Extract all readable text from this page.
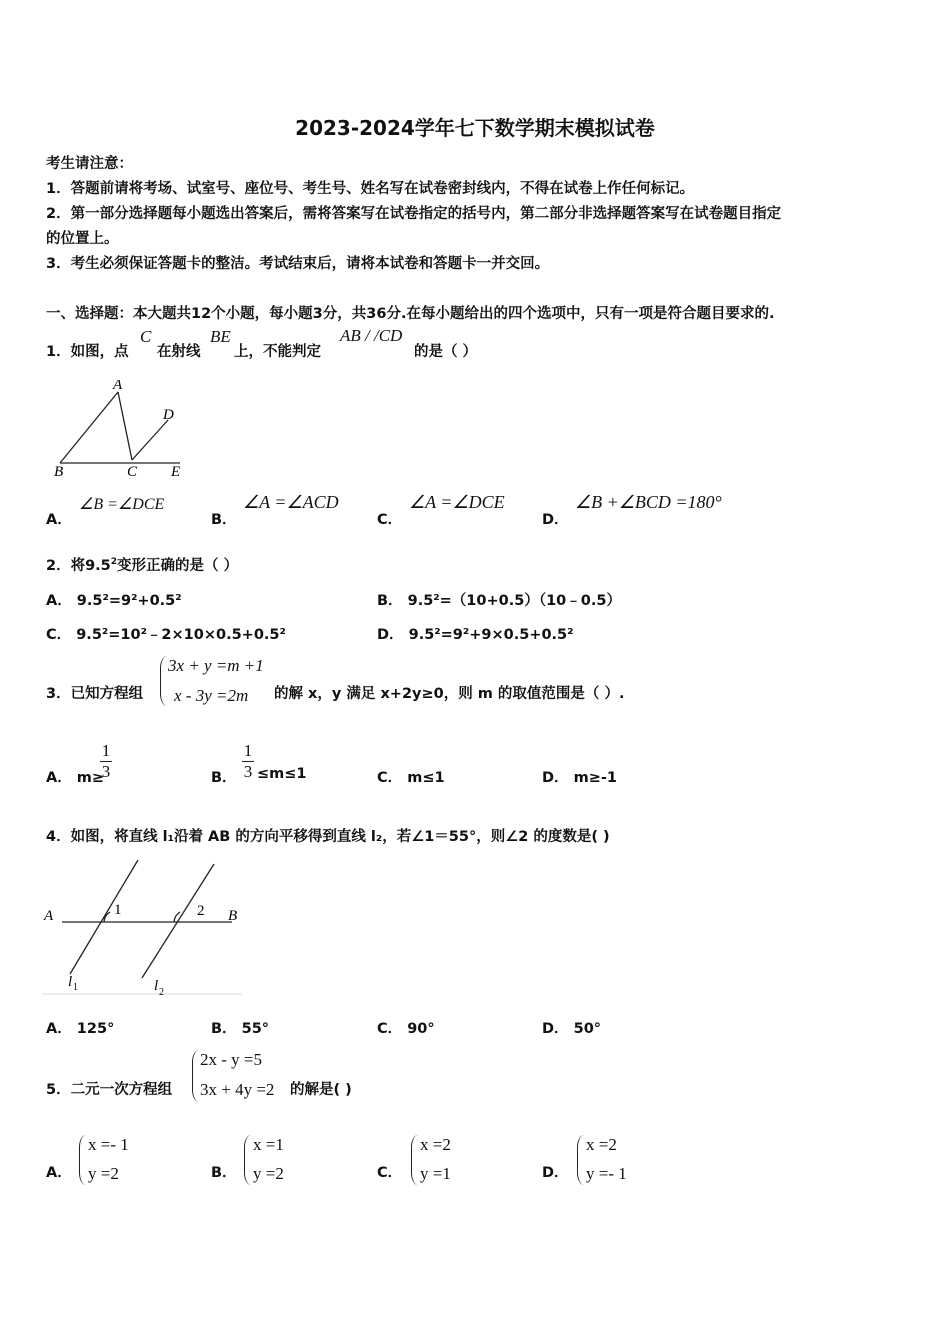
2023-2024学年七下数学期末模拟试卷
考生请注意：
1．答题前请将考场、试室号、座位号、考生号、姓名写在试卷密封线内，不得在试卷上作任何标记。
2．第一部分选择题每小题选出答案后，需将答案写在试卷指定的括号内，第二部分非选择题答案写在试卷题目指定
的位置上。
3．考生必须保证答题卡的整洁。考试结束后，请将本试卷和答题卡一并交回。
一、选择题：本大题共12个小题，每小题3分，共36分.在每小题给出的四个选项中，只有一项是符合题目要求的.
1．如图，点
C
在射线
BE
上，不能判定
AB / /CD
的是（ ）
A
B	C
D
E
A．
∠B =∠DCE
B．
∠A =∠ACD
C．
∠A =∠DCE
D．
∠B +∠BCD =180°
2．将$9.5^2$变形正确的是（ ）
A． 9.5²=9²+0.5²	B． 9.5²=（10+0.5）（10﹣0.5）
C． 9.5²=10²﹣2×10×0.5+0.5²	D． 9.5²=9²+9×0.5+0.5²
3．已知方程组
3x + y =m +1
x - 3y =2m 的解 x，y 满足 x+2y≥0，则 m 的取值范围是（ ）.
A． m≥
$\frac{1}{3}$	B． $\frac{1}{3} \le m\le 1$	C． m≤1	D． m≥-1
4．如图，将直线 l₁沿着 AB 的方向平移得到直线 l₂，若∠1＝55°，则∠2 的度数是( )
A	B
1	2
l 1	l 2
A． 125°	B． 55°	C． 90°	D． 50°
5．二元一次方程组
2x - y =5
3x + 4y =2 的解是( )
A．
x =- 1
y =2	B．
x =1
y =2	C．
x =2
y =1	D．
x =2
y =- 1
